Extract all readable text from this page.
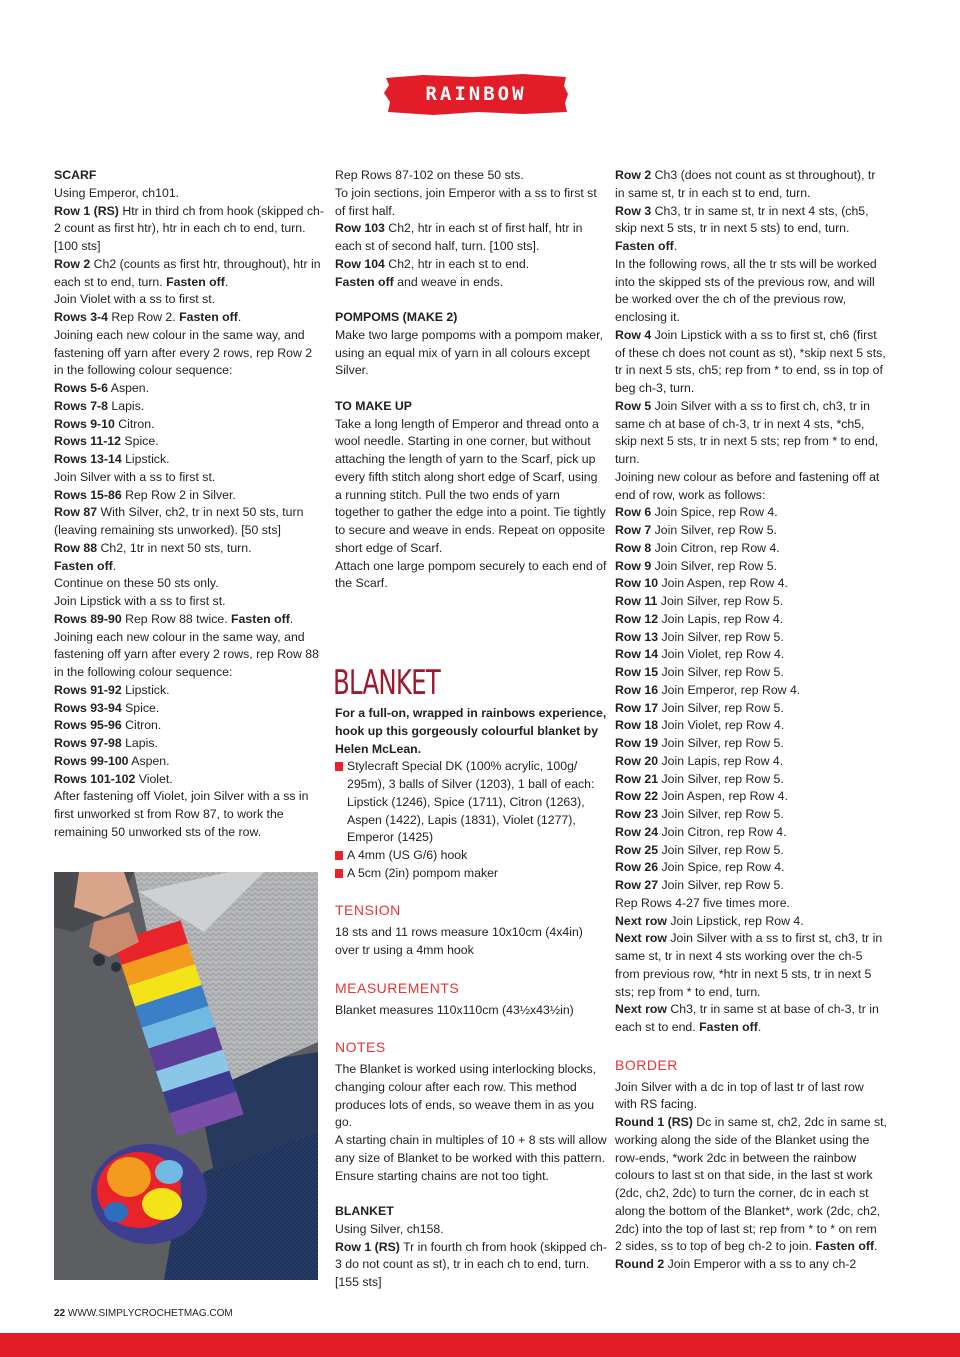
RAINBOW IDEAS

SCARF

Using Emperor, ch101.

Row 1 (RS) Htr in third ch from hook (skipped ch-2 count as first htr), htr in each ch to end, turn. [100 sts]

Row 2 Ch2 (counts as first htr, throughout), htr in each st to end, turn. Fasten off.

Join Violet with a ss to first st.

Rows 3-4 Rep Row 2. Fasten off.

Joining each new colour in the same way, and fastening off yarn after every 2 rows, rep Row 2 in the following colour sequence:

Rows 5-6 Aspen.

Rows 7-8 Lapis.

Rows 9-10 Citron.

Rows 11-12 Spice.

Rows 13-14 Lipstick.

Join Silver with a ss to first st.

Rows 15-86 Rep Row 2 in Silver.

Row 87 With Silver, ch2, tr in next 50 sts, turn (leaving remaining sts unworked). [50 sts]

Row 88 Ch2, 1tr in next 50 sts, turn.

Fasten off.

Continue on these 50 sts only.

Join Lipstick with a ss to first st.

Rows 89-90 Rep Row 88 twice. Fasten off.

Joining each new colour in the same way, and fastening off yarn after every 2 rows, rep Row 88 in the following colour sequence:

Rows 91-92 Lipstick.

Rows 93-94 Spice.

Rows 95-96 Citron.

Rows 97-98 Lapis.

Rows 99-100 Aspen.

Rows 101-102 Violet.

After fastening off Violet, join Silver with a ss in first unworked st from Row 87, to work the remaining 50 unworked sts of the row.

Rep Rows 87-102 on these 50 sts.

To join sections, join Emperor with a ss to first st of first half.

Row 103 Ch2, htr in each st of first half, htr in each st of second half, turn. [100 sts].

Row 104 Ch2, htr in each st to end.

Fasten off and weave in ends.

POMPOMS (MAKE 2)

Make two large pompoms with a pompom maker, using an equal mix of yarn in all colours except Silver.

TO MAKE UP

Take a long length of Emperor and thread onto a wool needle. Starting in one corner, but without attaching the length of yarn to the Scarf, pick up every fifth stitch along short edge of Scarf, using a running stitch. Pull the two ends of yarn together to gather the edge into a point. Tie tightly to secure and weave in ends. Repeat on opposite short edge of Scarf.

Attach one large pompom securely to each end of the Scarf.

BLANKET

For a full-on, wrapped in rainbows experience, hook up this gorgeously colourful blanket by Helen McLean.

Stylecraft Special DK (100% acrylic, 100g/ 295m), 3 balls of Silver (1203), 1 ball of each: Lipstick (1246), Spice (1711), Citron (1263), Aspen (1422), Lapis (1831), Violet (1277), Emperor (1425)

A 4mm (US G/6) hook

A 5cm (2in) pompom maker

TENSION

18 sts and 11 rows measure 10x10cm (4x4in) over tr using a 4mm hook

MEASUREMENTS

Blanket measures 110x110cm (43½x43½in)

NOTES

The Blanket is worked using interlocking blocks, changing colour after each row. This method produces lots of ends, so weave them in as you go.

A starting chain in multiples of 10 + 8 sts will allow any size of Blanket to be worked with this pattern.

Ensure starting chains are not too tight.

BLANKET

Using Silver, ch158.

Row 1 (RS) Tr in fourth ch from hook (skipped ch-3 do not count as st), tr in each ch to end, turn. [155 sts]

Row 2 Ch3 (does not count as st throughout), tr in same st, tr in each st to end, turn.

Row 3 Ch3, tr in same st, tr in next 4 sts, (ch5, skip next 5 sts, tr in next 5 sts) to end, turn.

Fasten off.

In the following rows, all the tr sts will be worked into the skipped sts of the previous row, and will be worked over the ch of the previous row, enclosing it.

Row 4 Join Lipstick with a ss to first st, ch6 (first of these ch does not count as st), *skip next 5 sts, tr in next 5 sts, ch5; rep from * to end, ss in top of beg ch-3, turn.

Row 5 Join Silver with a ss to first ch, ch3, tr in same ch at base of ch-3, tr in next 4 sts, *ch5, skip next 5 sts, tr in next 5 sts; rep from * to end, turn.

Joining new colour as before and fastening off at end of row, work as follows:

Row 6 Join Spice, rep Row 4.

Row 7 Join Silver, rep Row 5.

Row 8 Join Citron, rep Row 4.

Row 9 Join Silver, rep Row 5.

Row 10 Join Aspen, rep Row 4.

Row 11 Join Silver, rep Row 5.

Row 12 Join Lapis, rep Row 4.

Row 13 Join Silver, rep Row 5.

Row 14 Join Violet, rep Row 4.

Row 15 Join Silver, rep Row 5.

Row 16 Join Emperor, rep Row 4.

Row 17 Join Silver, rep Row 5.

Row 18 Join Violet, rep Row 4.

Row 19 Join Silver, rep Row 5.

Row 20 Join Lapis, rep Row 4.

Row 21 Join Silver, rep Row 5.

Row 22 Join Aspen, rep Row 4.

Row 23 Join Silver, rep Row 5.

Row 24 Join Citron, rep Row 4.

Row 25 Join Silver, rep Row 5.

Row 26 Join Spice, rep Row 4.

Row 27 Join Silver, rep Row 5.

Rep Rows 4-27 five times more.

Next row Join Lipstick, rep Row 4.

Next row Join Silver with a ss to first st, ch3, tr in same st, tr in next 4 sts working over the ch-5 from previous row, *htr in next 5 sts, tr in next 5 sts; rep from * to end, turn.

Next row Ch3, tr in same st at base of ch-3, tr in each st to end. Fasten off.

BORDER

Join Silver with a dc in top of last tr of last row with RS facing.

Round 1 (RS) Dc in same st, ch2, 2dc in same st, working along the side of the Blanket using the row-ends, *work 2dc in between the rainbow colours to last st on that side, in the last st work (2dc, ch2, 2dc) to turn the corner, dc in each st along the bottom of the Blanket*, work (2dc, ch2, 2dc) into the top of last st; rep from * to * on rem 2 sides, ss to top of beg ch-2 to join. Fasten off.

Round 2 Join Emperor with a ss to any ch-2

22 WWW.SIMPLYCROCHETMAG.COM
